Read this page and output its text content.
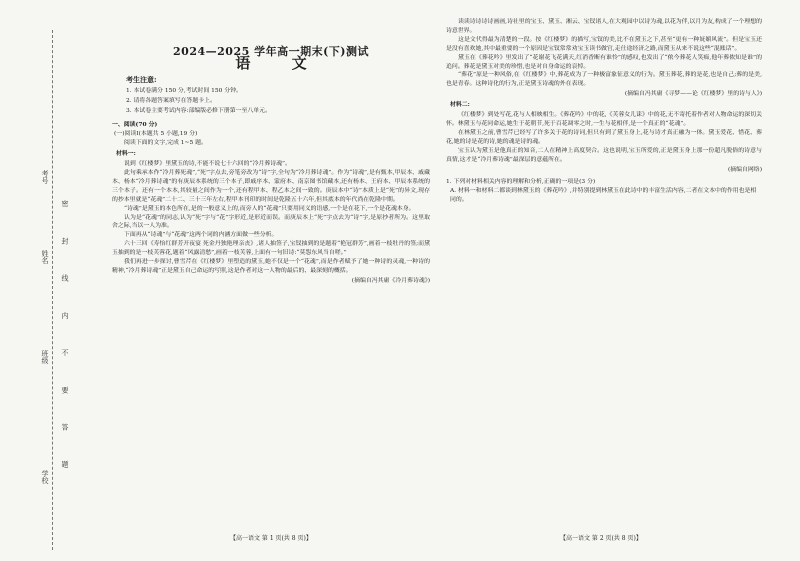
考号
姓名
班级
学校 密 封 线 内 不 要 答 题
2024—2025 学年高一期末(下)测试
语 文
考生注意:

1. 本试卷满分 150 分,考试时间 150 分钟。

2. 请将各题答案填写在答题卡上。

3. 本试卷主要考试内容:部编版必修下册第一至八单元。

一、阅读(70 分)
(一)阅读Ⅰ(本题共 5 小题,19 分)
阅读下面的文字,完成 1~5 题。
材料一:

说到《红楼梦》里黛玉的诗,不能不说七十六回的“冷月葬诗魂”。

此句乘承本作“冷月葬死魂”,“死”字点去,旁笔旁改为“诗”字,全句为“冷月葬诗魂”。作为“诗魂”,是有甄本,甲辰本、戚藏本、杨本“冷月葬诗魂”的有庚辰本系统的三个本子,即戚序本、蒙府本、南京图书馆藏本,还有杨本、王府本、甲辰本系统的三个本子。还有一个本本,其较量之间作为一个,还有程甲本、程乙本之间一致的。庚辰本中“诗”本质上是“死”的异文,现存的抄本里就是“花魂”二十二、三十三年左右,程甲本刊印的时间是乾隆五十六年,但其底本的年代尚在乾隆中期。

“诗魂”是黛玉的本色所在,是的一般意义上的,而旁人的“花魂”只要用同义的语感,一个是在花下,一个是花魂本身。

认为是“花魂”的同志,认为“死”字与“花”字形近,是形近而误。而庚辰本上“死”字点去为“诗”字,是原抄者所为。这里取舍之际,当以一人为准。

下面再从“诗魂”与“花魂”这两个词的内涵方面做一些分析。

六十三回《寿怡红群芳开夜宴 死金丹独艳理亲丧》,诸人抽签子,宝钗抽到的是题着“艳冠群芳”,画着一枝牡丹的签;而黛玉抽到的是一枝芙蓉花,题着“风露清愁”,画着一枝芙蓉,上面有一句旧诗:“莫怨东风当自嗟。”

我们再进一步探讨,曹雪芹在《红楼梦》里塑造的黛玉,她不仅是一个“花魂”,而是作者赋予了她一种诗的灵魂,一种诗的精神,“冷月葬诗魂”正是黛玉自己命运的写照,这是作者对这一人物的最后的、最深刻的概括。

(摘编自冯其庸《冷月葬诗魂》)

读读诗诗诗诗画画,诗社里的宝玉、黛玉、湘云、宝钗诸人,在大观园中以诗为魂,以花为伴,以月为友,构成了一个理想的诗意世界。

这是文代得最为清楚的一段。按《红楼梦》的描写,宝钗的美,比不在黛玉之下,甚至“更有一种妩媚风流”。但是宝玉还是没有喜欢她,其中最重要的一个原因是宝钗常常劝宝玉读书做官,走仕途经济之路,而黛玉从来不说这些“混账话”。

黛玉在《葬花吟》里发出了“花谢花飞花满天,红消香断有谁怜”的感叹,也发出了“侬今葬花人笑痴,他年葬侬知是谁”的追问。葬花是黛玉对美的珍惜,也是对自身命运的哀悼。

“葬花”原是一种风俗,在《红楼梦》中,葬花成为了一种极富象征意义的行为。黛玉葬花,葬的是花,也是自己;葬的是美,也是青春。这种诗化的行为,正是黛玉诗魂的外在表现。

(摘编自冯其庸《寻梦——论《红楼梦》里的诗与人》)
材料二:

《红楼梦》到处写花,花与人相映相生。《葬花吟》中的花,《芙蓉女儿诔》中的花,无不寄托着作者对人物命运的深切关怀。林黛玉与花同命运,她生于花朝节,死于百花凋零之时,一生与花相伴,是一个真正的“花魂”。

在林黛玉之前,曹雪芹已经写了许多关于花的诗词,但只有到了黛玉身上,花与诗才真正融为一体。黛玉爱花、惜花、葬花,她的诗是花的诗,她的魂是诗的魂。

宝玉认为黛玉是他真正的知音,二人在精神上高度契合。这也说明,宝玉所爱的,正是黛玉身上那一份超凡脱俗的诗意与真情,这才是“冷月葬诗魂”最深层的意蕴所在。

(摘编自网络)
1. 下列对材料相关内容的理解和分析,正确的一项是(3 分)

A. 材料一和材料二都谈到林黛玉的《葬花吟》,并特别提到林黛玉在此诗中的丰富生活内容,二者在文本中的作用也是相同的。

【高一语文 第 1 页(共 8 页)】	【高一语文 第 2 页(共 8 页)】
